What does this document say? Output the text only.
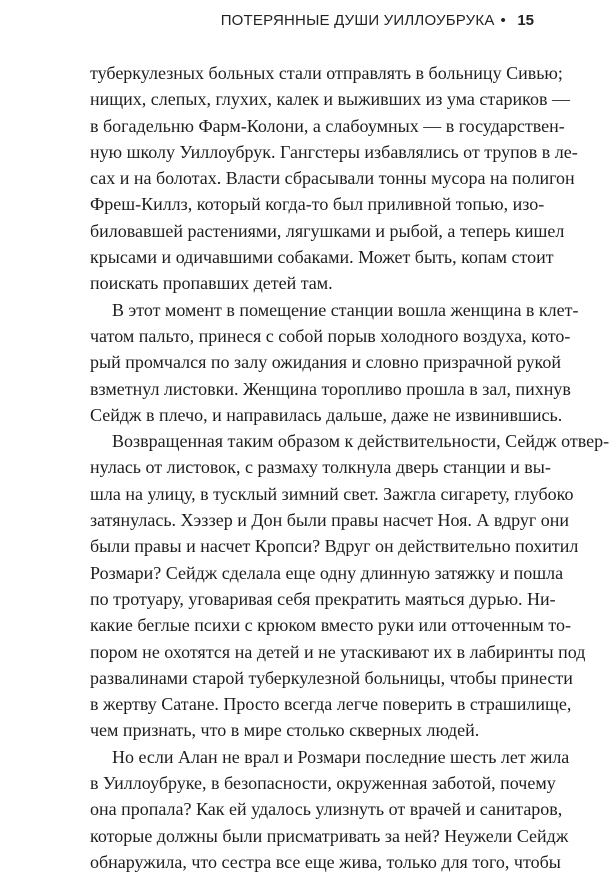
ПОТЕРЯННЫЕ ДУШИ УИЛЛОУБРУКА • 15
туберкулезных больных стали отправлять в больницу Сивью;
нищих, слепых, глухих, калек и выживших из ума стариков —
в богадельню Фарм-Колони, а слабоумных — в государствен-
ную школу Уиллоубрук. Гангстеры избавлялись от трупов в ле-
сах и на болотах. Власти сбрасывали тонны мусора на полигон
Фреш-Киллз, который когда-то был приливной топью, изо-
биловавшей растениями, лягушками и рыбой, а теперь кишел
крысами и одичавшими собаками. Может быть, копам стоит
поискать пропавших детей там.
В этот момент в помещение станции вошла женщина в клет-
чатом пальто, принеся с собой порыв холодного воздуха, кото-
рый промчался по залу ожидания и словно призрачной рукой
взметнул листовки. Женщина торопливо прошла в зал, пихнув
Сейдж в плечо, и направилась дальше, даже не извинившись.
Возвращенная таким образом к действительности, Сейдж отвер-
нулась от листовок, с размаху толкнула дверь станции и вы-
шла на улицу, в тусклый зимний свет. Зажгла сигарету, глубоко
затянулась. Хэззер и Дон были правы насчет Ноя. А вдруг они
были правы и насчет Кропси? Вдруг он действительно похитил
Розмари? Сейдж сделала еще одну длинную затяжку и пошла
по тротуару, уговаривая себя прекратить маяться дурью. Ни-
какие беглые психи с крюком вместо руки или отточенным то-
пором не охотятся на детей и не утаскивают их в лабиринты под
развалинами старой туберкулезной больницы, чтобы принести
в жертву Сатане. Просто всегда легче поверить в страшилище,
чем признать, что в мире столько скверных людей.
Но если Алан не врал и Розмари последние шесть лет жила
в Уиллоубруке, в безопасности, окруженная заботой, почему
она пропала? Как ей удалось улизнуть от врачей и санитаров,
которые должны были присматривать за ней? Неужели Сейдж
обнаружила, что сестра все еще жива, только для того, чтобы
